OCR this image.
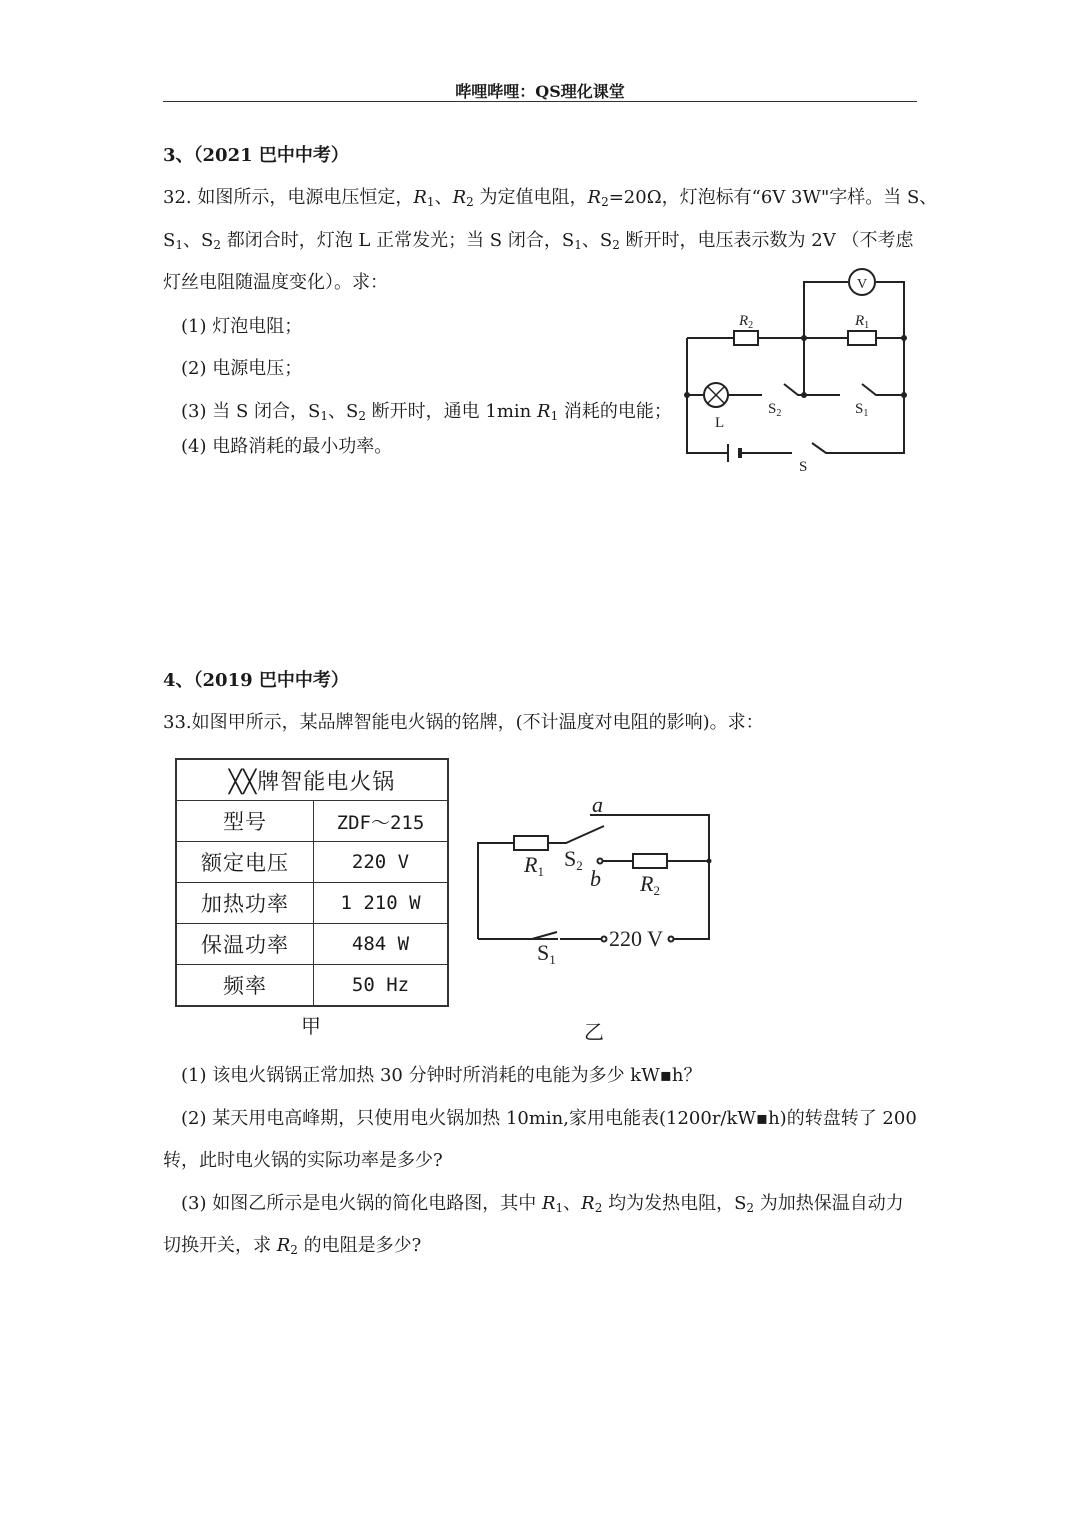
哔哩哔哩：QS理化课堂
3、（2021 巴中中考）
32. 如图所示，电源电压恒定，$R_1$、$R_2$ 为定值电阻，$R_2=20\Omega$，灯泡标有“6V 3W"字样。当 S、
$S_1$、$S_2$ 都闭合时，灯泡 L 正常发光；当 S 闭合，$S_1$、$S_2$ 断开时，电压表示数为 2V （不考虑
灯丝电阻随温度变化）。求：
(1) 灯泡电阻；
(2) 电源电压；
(3) 当 S 闭合，$S_1$、$S_2$ 断开时，通电 1min $R_1$ 消耗的电能；
(4) 电路消耗的最小功率。
$R_2$	$R_1$
V
L
$S_2$	$S_1$
S
4、（2019 巴中中考）
33.如图甲所示，某品牌智能电火锅的铭牌，(不计温度对电阻的影响)。求：
╳╳牌智能电火锅	
型号	ZDF～215
额定电压	220 V
加热功率	1 210 W
保温功率	484 W
频率	50 Hz
甲
a
b
R1	R2
S2
S1
220 V
乙
(1) 该电火锅锅正常加热 30 分钟时所消耗的电能为多少 kW▪h？
(2) 某天用电高峰期，只使用电火锅加热 10min,家用电能表(1200r/kW▪h)的转盘转了 200
转，此时电火锅的实际功率是多少?
(3) 如图乙所示是电火锅的简化电路图，其中 $R_1$、$R_2$ 均为发热电阻，$S_2$ 为加热保温自动力
切换开关，求 $R_2$ 的电阻是多少?
